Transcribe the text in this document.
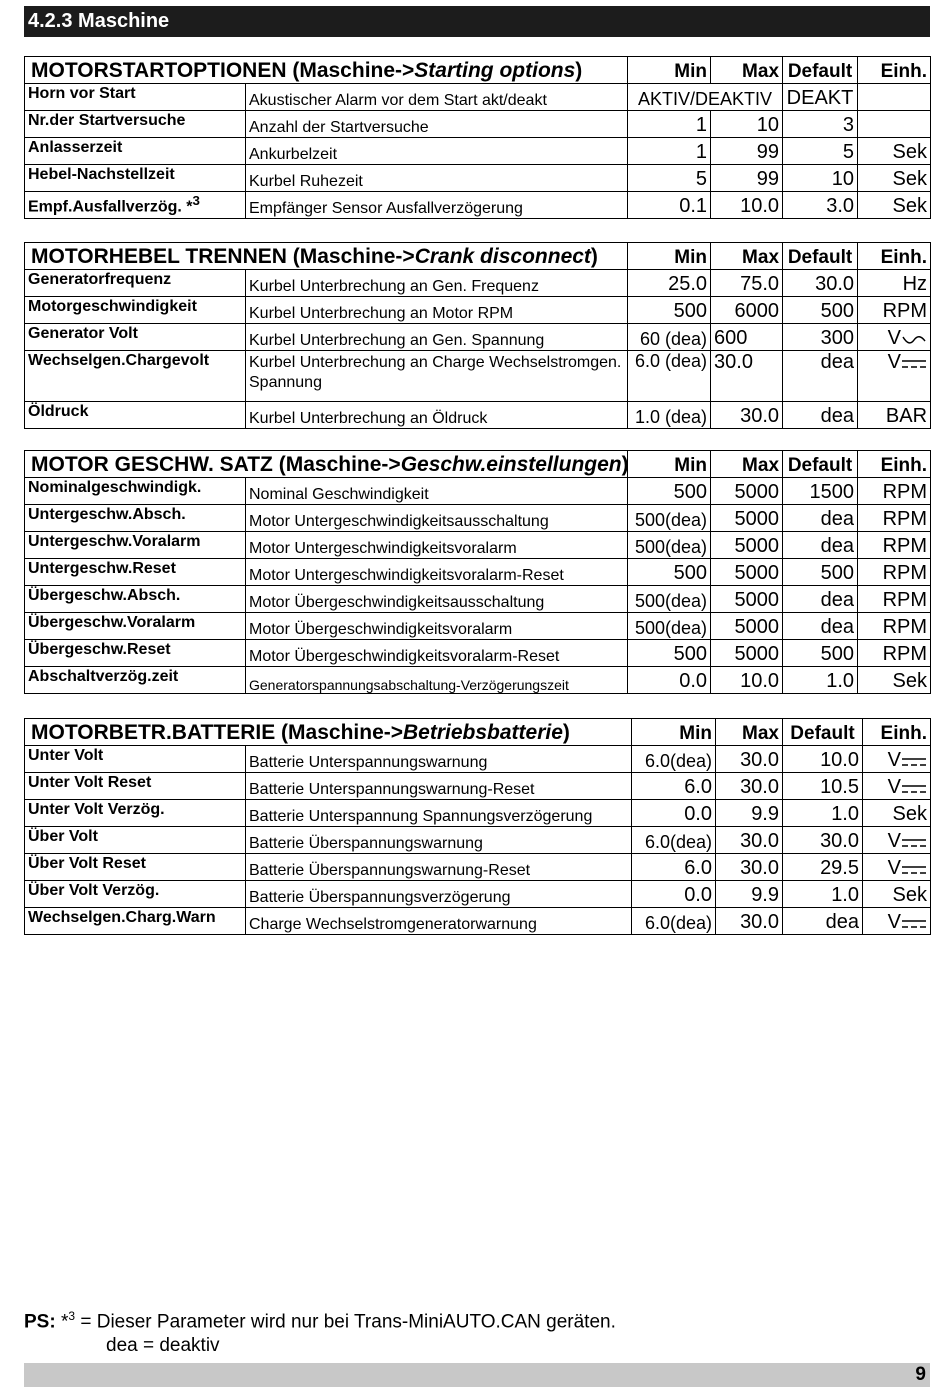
4.2.3 Maschine
MOTORSTARTOPTIONEN (Maschine->Starting options)		Min	Max	Default	Einh.
Horn vor Start	Akustischer Alarm vor dem Start akt/deakt	AKTIV/DEAKTIV		DEAKT	
Nr.der Startversuche	Anzahl der Startversuche	1	10	3	
Anlasserzeit	Ankurbelzeit	1	99	5	Sek
Hebel-Nachstellzeit	Kurbel Ruhezeit	5	99	10	Sek
Empf.Ausfallverzög. *$^3$	Empfänger Sensor Ausfallverzögerung	0.1	10.0	3.0	Sek
MOTORHEBEL TRENNEN (Maschine->Crank disconnect)		Min	Max	Default	Einh.
Generatorfrequenz	Kurbel Unterbrechung an Gen. Frequenz	25.0	75.0	30.0	Hz
Motorgeschwindigkeit	Kurbel Unterbrechung an Motor RPM	500	6000	500	RPM
Generator Volt	Kurbel Unterbrechung an Gen. Spannung	60 (dea)	600	300	V
Wechselgen.Chargevolt	Kurbel Unterbrechung an Charge Wechselstromgen. Spannung	6.0 (dea)	30.0	dea	V
Öldruck	Kurbel Unterbrechung an Öldruck	1.0 (dea)	30.0	dea	BAR
MOTOR GESCHW. SATZ (Maschine->Geschw.einstellungen)		Min	Max	Default	Einh.
Nominalgeschwindigk.	Nominal Geschwindigkeit	500	5000	1500	RPM
Untergeschw.Absch.	Motor Untergeschwindigkeitsausschaltung	500(dea)	5000	dea	RPM
Untergeschw.Voralarm	Motor Untergeschwindigkeitsvoralarm	500(dea)	5000	dea	RPM
Untergeschw.Reset	Motor Untergeschwindigkeitsvoralarm-Reset	500	5000	500	RPM
Übergeschw.Absch.	Motor Übergeschwindigkeitsausschaltung	500(dea)	5000	dea	RPM
Übergeschw.Voralarm	Motor Übergeschwindigkeitsvoralarm	500(dea)	5000	dea	RPM
Übergeschw.Reset	Motor Übergeschwindigkeitsvoralarm-Reset	500	5000	500	RPM
Abschaltverzög.zeit	Generatorspannungsabschaltung-Verzögerungszeit	0.0	10.0	1.0	Sek
MOTORBETR.BATTERIE (Maschine->Betriebsbatterie)		Min	Max	Default	Einh.
Unter Volt	Batterie Unterspannungswarnung	6.0(dea)	30.0	10.0	V
Unter Volt Reset	Batterie Unterspannungswarnung-Reset	6.0	30.0	10.5	V
Unter Volt Verzög.	Batterie Unterspannung Spannungsverzögerung	0.0	9.9	1.0	Sek
Über Volt	Batterie Überspannungswarnung	6.0(dea)	30.0	30.0	V
Über Volt Reset	Batterie Überspannungswarnung-Reset	6.0	30.0	29.5	V
Über Volt Verzög.	Batterie Überspannungsverzögerung	0.0	9.9	1.0	Sek
Wechselgen.Charg.Warn	Charge Wechselstromgeneratorwarnung	6.0(dea)	30.0	dea	V
PS: *$^3$ = Dieser Parameter wird nur bei Trans-MiniAUTO.CAN geräten.
dea = deaktiv
9
